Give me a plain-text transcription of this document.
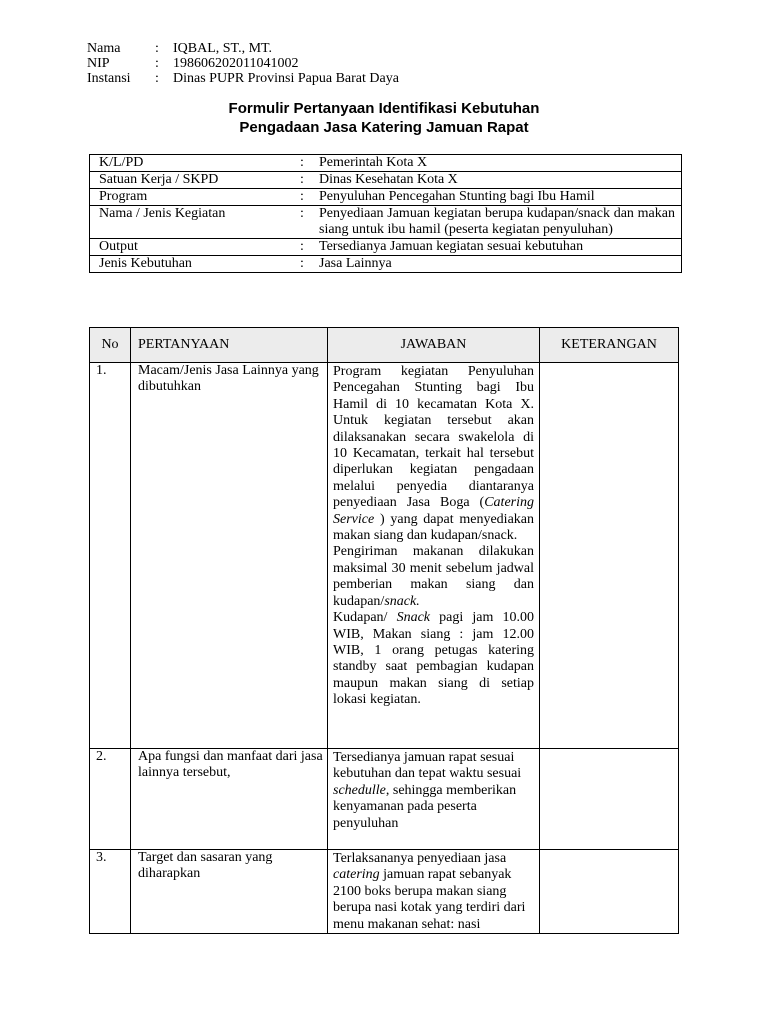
Nama	:	IQBAL, ST., MT.
NIP	:	198606202011041002
Instansi	:	Dinas PUPR Provinsi Papua Barat Daya
Formulir Pertanyaan Identifikasi Kebutuhan
Pengadaan Jasa Katering Jamuan Rapat
K/L/PD	:	Pemerintah Kota X
Satuan Kerja / SKPD	:	Dinas Kesehatan Kota X
Program	:	Penyuluhan Pencegahan Stunting bagi Ibu Hamil
Nama / Jenis Kegiatan	:	Penyediaan Jamuan kegiatan berupa kudapan/snack dan makan siang untuk ibu hamil (peserta kegiatan penyuluhan)
Output	:	Tersedianya Jamuan kegiatan sesuai kebutuhan
Jenis Kebutuhan	:	Jasa Lainnya
No	PERTANYAAN	JAWABAN	KETERANGAN
1.	Macam/Jenis Jasa Lainnya yang dibutuhkan	Program kegiatan Penyuluhan Pencegahan Stunting bagi Ibu Hamil di 10 kecamatan Kota X. Untuk kegiatan tersebut akan dilaksanakan secara swakelola di 10 Kecamatan, terkait hal tersebut diperlukan kegiatan pengadaan melalui penyedia diantaranya penyediaan Jasa Boga (Catering Service ) yang dapat menyediakan makan siang dan kudapan/snack.
Pengiriman makanan dilakukan maksimal 30 menit sebelum jadwal pemberian makan siang dan kudapan/snack.
Kudapan/ Snack pagi jam 10.00 WIB, Makan siang : jam 12.00 WIB, 1 orang petugas katering standby saat pembagian kudapan maupun makan siang di setiap lokasi kegiatan.	

2.	Apa fungsi dan manfaat dari jasa lainnya tersebut,	Tersedianya jamuan rapat sesuai kebutuhan dan tepat waktu sesuai schedulle, sehingga memberikan kenyamanan pada peserta penyuluhan	
3.	Target dan sasaran yang diharapkan	Terlaksananya penyediaan jasa catering jamuan rapat sebanyak 2100 boks berupa makan siang berupa nasi kotak yang terdiri dari menu makanan sehat: nasi	
